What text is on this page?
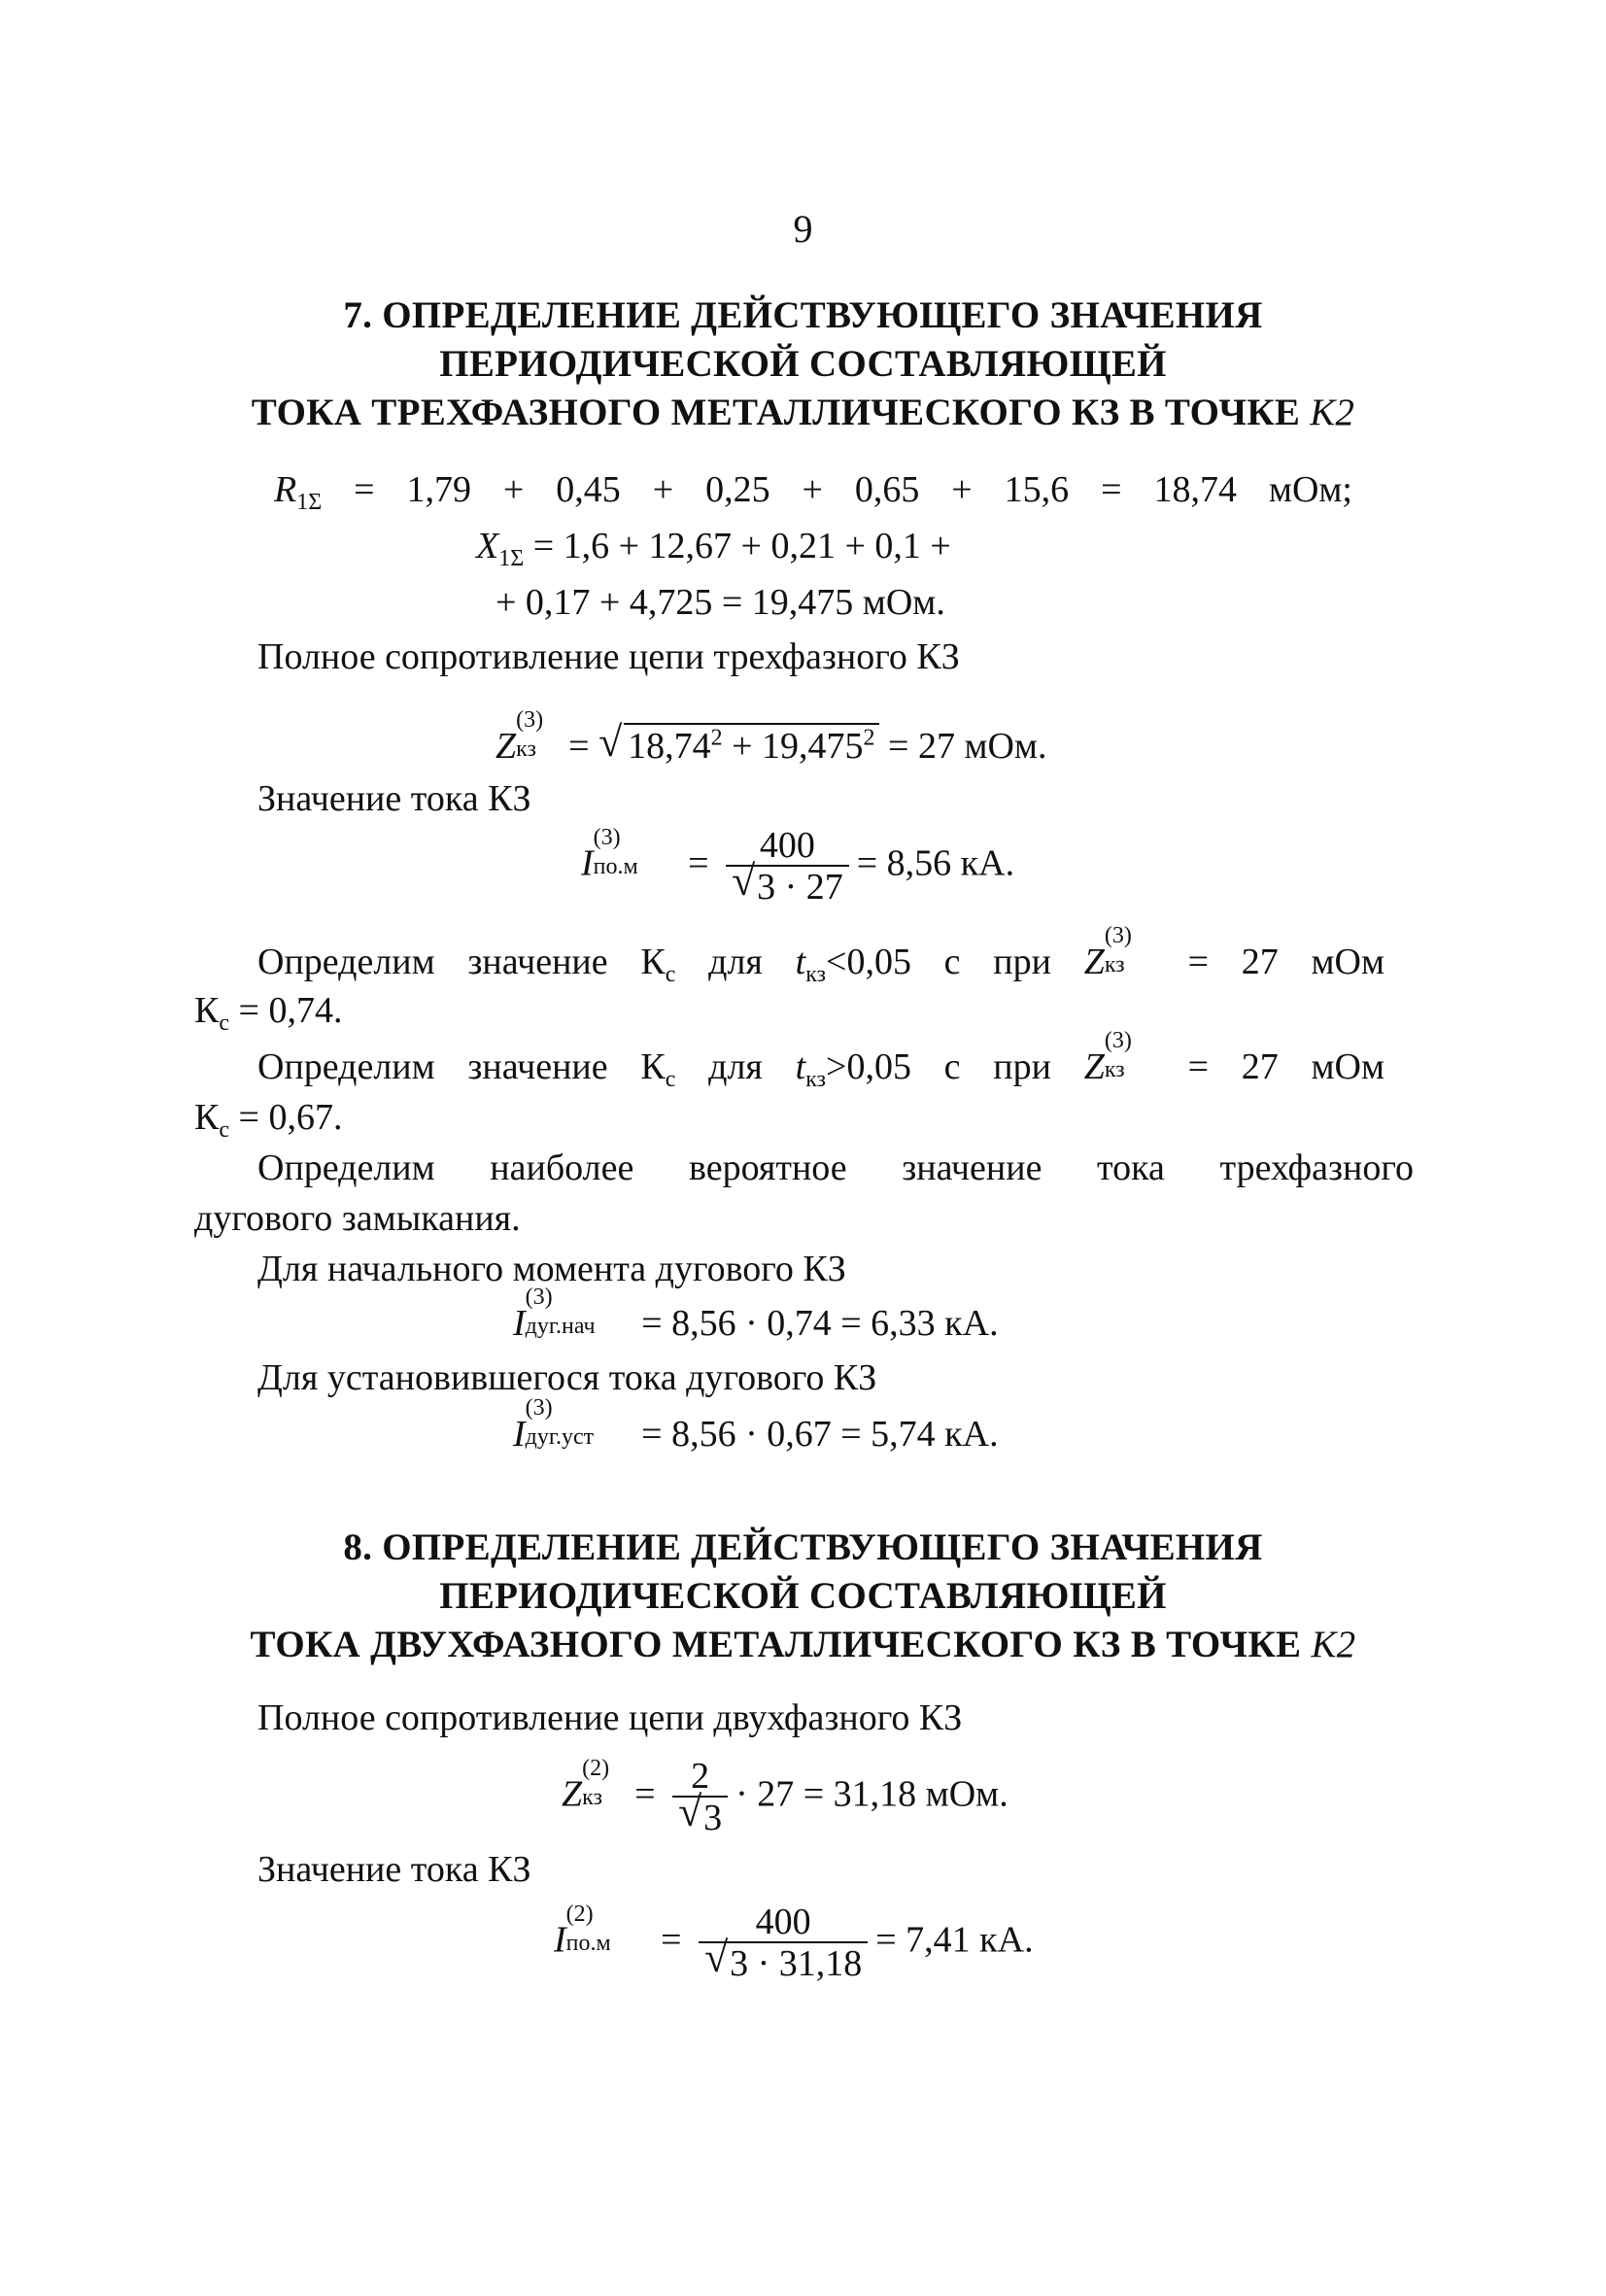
9
7. ОПРЕДЕЛЕНИЕ ДЕЙСТВУЮЩЕГО ЗНАЧЕНИЯ
ПЕРИОДИЧЕСКОЙ СОСТАВЛЯЮЩЕЙ
ТОКА ТРЕХФАЗНОГО МЕТАЛЛИЧЕСКОГО КЗ В ТОЧКЕ К2
$R_{1\Sigma} = 1,79 + 0,45 + 0,25 + 0,65 + 15,6 = 18,74$ мОм;
$X_{1\Sigma} = 1,6 + 12,67 + 0,21 + 0,1$ +
+ 0,17 + 4,725 = 19,475 мОм.
Полное сопротивление цепи трехфазного КЗ
Z
(3)
кз = √ $18,74^2 + 19,475^2 = 27$ мОм.
Значение тока КЗ
I
(3)
$по.м = \frac{400}{√ 3 \cdot 27} = 8,56$ кА.
Определим значение $К_с$ для $t_{кз}<0,05$ с при Z
(3)
кз = 27 мОм
$К_с = 0,74$.
Определим значение $К_с$ для $t_{кз}>0,05$ с при Z
(3)
кз = 27 мОм
$К_с = 0,67$.
Определим наиболее вероятное значение тока трехфазного
дугового замыкания.
Для начального момента дугового КЗ
I
(3)
дуг.нач = 8,56 · 0,74 = 6,33 кА.
Для установившегося тока дугового КЗ
I
(3)
дуг.уст = 8,56 · 0,67 = 5,74 кА.
8. ОПРЕДЕЛЕНИЕ ДЕЙСТВУЮЩЕГО ЗНАЧЕНИЯ
ПЕРИОДИЧЕСКОЙ СОСТАВЛЯЮЩЕЙ
ТОКА ДВУХФАЗНОГО МЕТАЛЛИЧЕСКОГО КЗ В ТОЧКЕ К2
Полное сопротивление цепи двухфазного КЗ
Z
(2)
кз = $\frac{2}{√ 3} \cdot 27 = 31,18$ мОм.
Значение тока КЗ
I
(2)
$по.м = \frac{400}{√ 3 \cdot 31,18} = 7,41$ кА.
